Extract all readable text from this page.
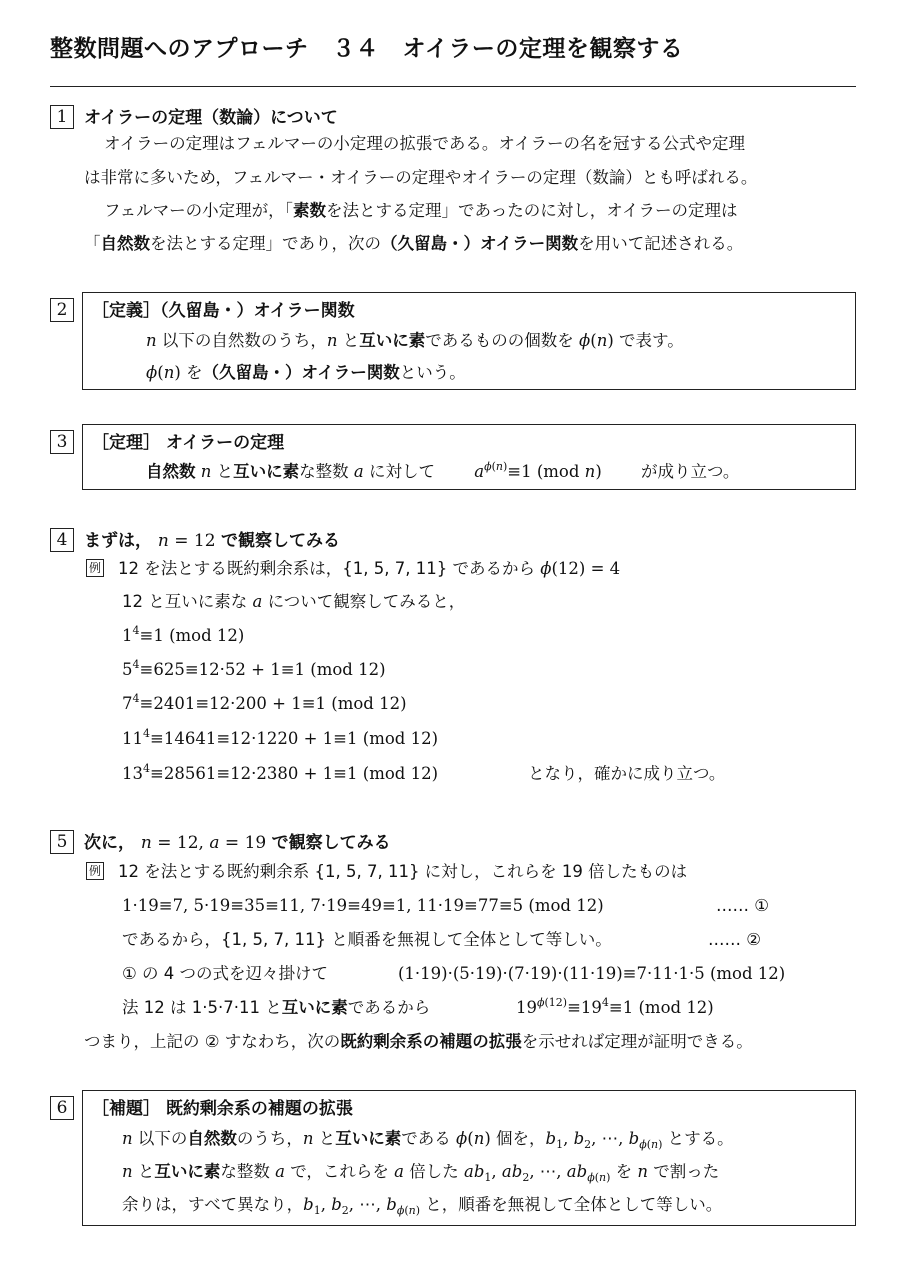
整数問題へのアプローチ　３４　オイラーの定理を観察する
1 オイラーの定理（数論）について
オイラーの定理はフェルマーの小定理の拡張である。オイラーの名を冠する公式や定理
は非常に多いため，フェルマー・オイラーの定理やオイラーの定理（数論）とも呼ばれる。
フェルマーの小定理が，「素数を法とする定理」であったのに対し，オイラーの定理は
「自然数を法とする定理」であり，次の（久留島・）オイラー関数を用いて記述される。
2	［定義］（久留島・）オイラー関数
n 以下の自然数のうち，n と互いに素であるものの個数を ϕ(n) で表す。
ϕ(n) を（久留島・）オイラー関数という。
3	［定理］ オイラーの定理
自然数 n と互いに素な整数 a に対して $a^{\phi(n)}\equiv 1$ (mod n) が成り立つ。
4 まずは， n = 12 で観察してみる
例 12 を法とする既約剰余系は，{1, 5, 7, 11} であるから ϕ(12) = 4
12 と互いに素な a について観察してみると，
$1^4\equiv 1$ (mod 12)
$5^4\equiv 625\equiv 12\cdot 52 + 1\equiv 1$ (mod 12)
$7^4\equiv 2401\equiv 12\cdot 200 + 1\equiv 1$ (mod 12)
$11^4\equiv 14641\equiv 12\cdot 1220 + 1\equiv 1$ (mod 12)
$13^4\equiv 28561\equiv 12\cdot 2380 + 1\equiv 1$ (mod 12)	となり，確かに成り立つ。
5 次に， n = 12, a = 19 で観察してみる
例 12 を法とする既約剰余系 {1, 5, 7, 11} に対し，これらを 19 倍したものは
1·19≡7, 5·19≡35≡11, 7·19≡49≡1, 11·19≡77≡5 (mod 12)	…… ①
であるから，{1, 5, 7, 11} と順番を無視して全体として等しい。	…… ②
① の 4 つの式を辺々掛けて	(1·19)·(5·19)·(7·19)·(11·19)≡7·11·1·5 (mod 12)
法 12 は 1·5·7·11 と互いに素であるから	$19^{\phi(12)}\equiv 19^4\equiv 1$ (mod 12)
つまり，上記の ② すなわち，次の既約剰余系の補題の拡張を示せれば定理が証明できる。
6	［補題］ 既約剰余系の補題の拡張
n 以下の自然数のうち，n と互いに素である ϕ(n) 個を，$b_1$, $b_2$, ⋯, $b_{\phi(n)}$ とする。
n と互いに素な整数 a で，これらを a 倍した $ab_1$, $ab_2$, ⋯, $ab_{\phi(n)}$ を n で割った
余りは，すべて異なり，$b_1$, $b_2$, ⋯, $b_{\phi(n)}$ と，順番を無視して全体として等しい。
